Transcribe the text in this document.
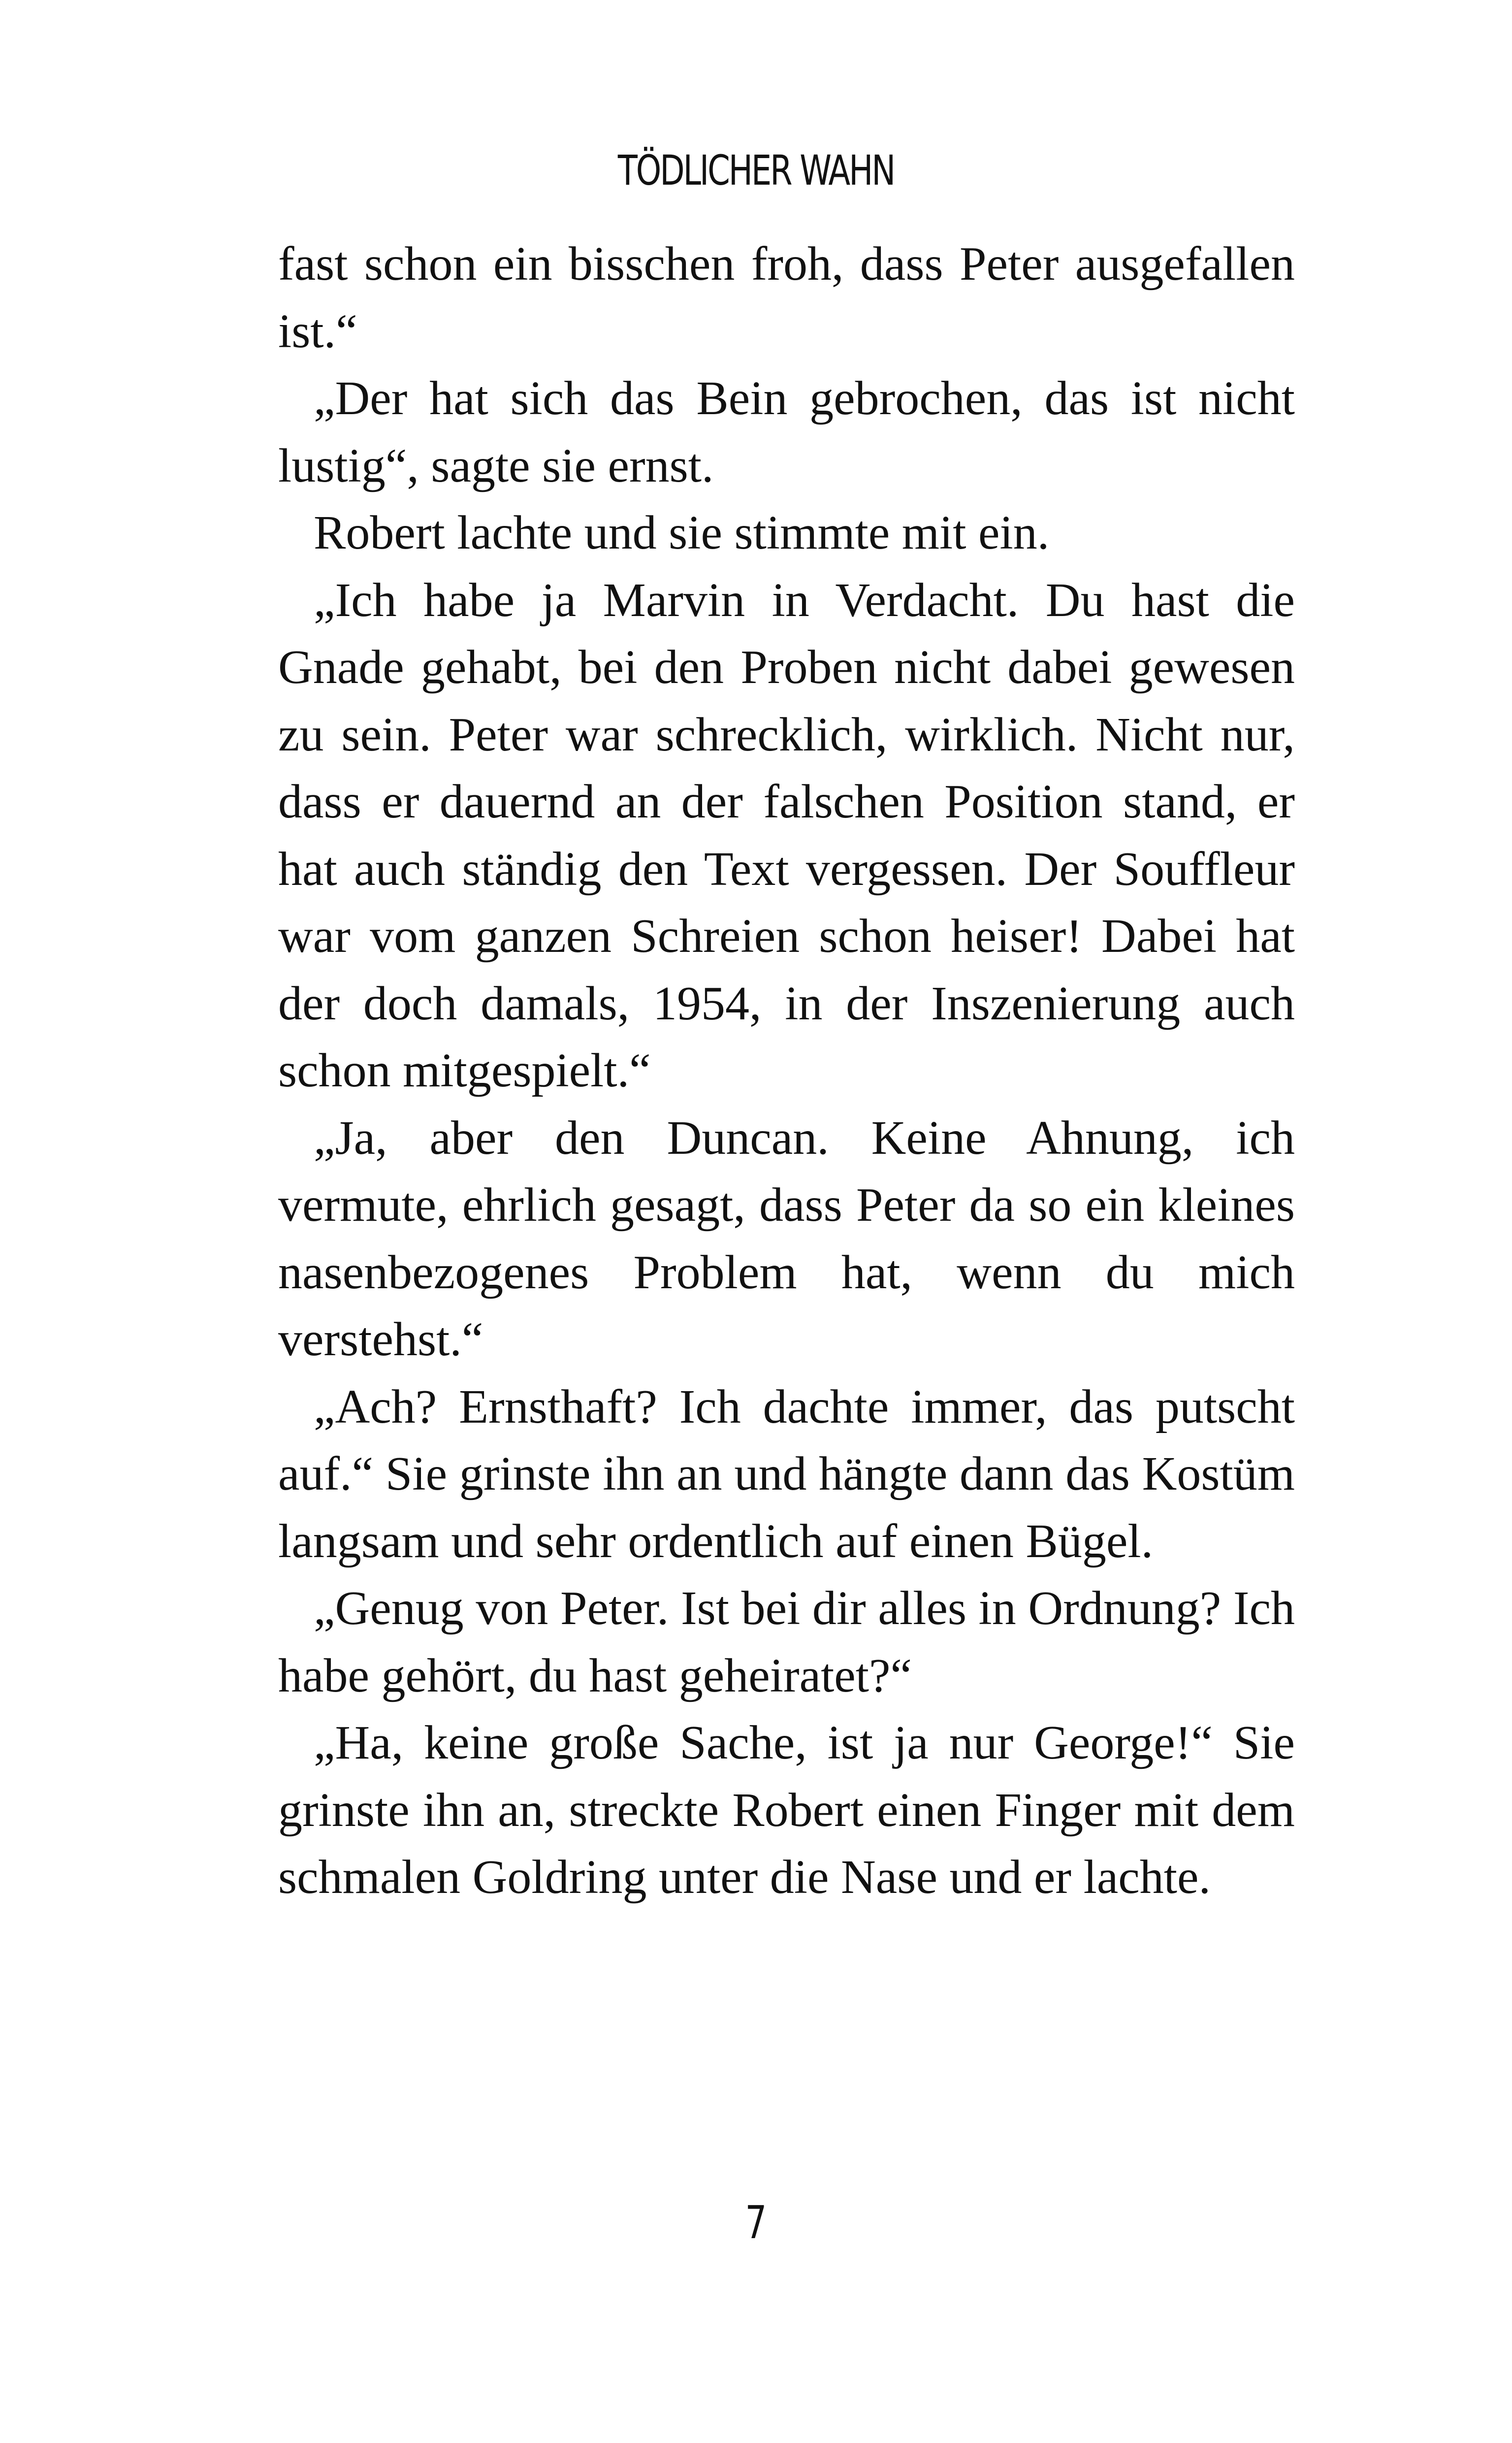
TÖDLICHER WAHN

fast schon ein bisschen froh, dass Peter ausgefallen ist.“

„Der hat sich das Bein gebrochen, das ist nicht lustig“, sagte sie ernst.

Robert lachte und sie stimmte mit ein.

„Ich habe ja Marvin in Verdacht. Du hast die Gnade gehabt, bei den Proben nicht dabei gewesen zu sein. Peter war schrecklich, wirklich. Nicht nur, dass er dauernd an der falschen Position stand, er hat auch ständig den Text vergessen. Der Souffleur war vom ganzen Schreien schon heiser! Dabei hat der doch damals, 1954, in der Inszenierung auch schon mitgespielt.“

„Ja, aber den Duncan. Keine Ahnung, ich vermute, ehrlich gesagt, dass Peter da so ein kleines nasenbezogenes Problem hat, wenn du mich verstehst.“

„Ach? Ernsthaft? Ich dachte immer, das putscht auf.“ Sie grinste ihn an und hängte dann das Kostüm langsam und sehr ordentlich auf einen Bügel.

„Genug von Peter. Ist bei dir alles in Ordnung? Ich habe gehört, du hast geheiratet?“

„Ha, keine große Sache, ist ja nur George!“ Sie grinste ihn an, streckte Robert einen Finger mit dem schmalen Goldring unter die Nase und er lachte.

7
